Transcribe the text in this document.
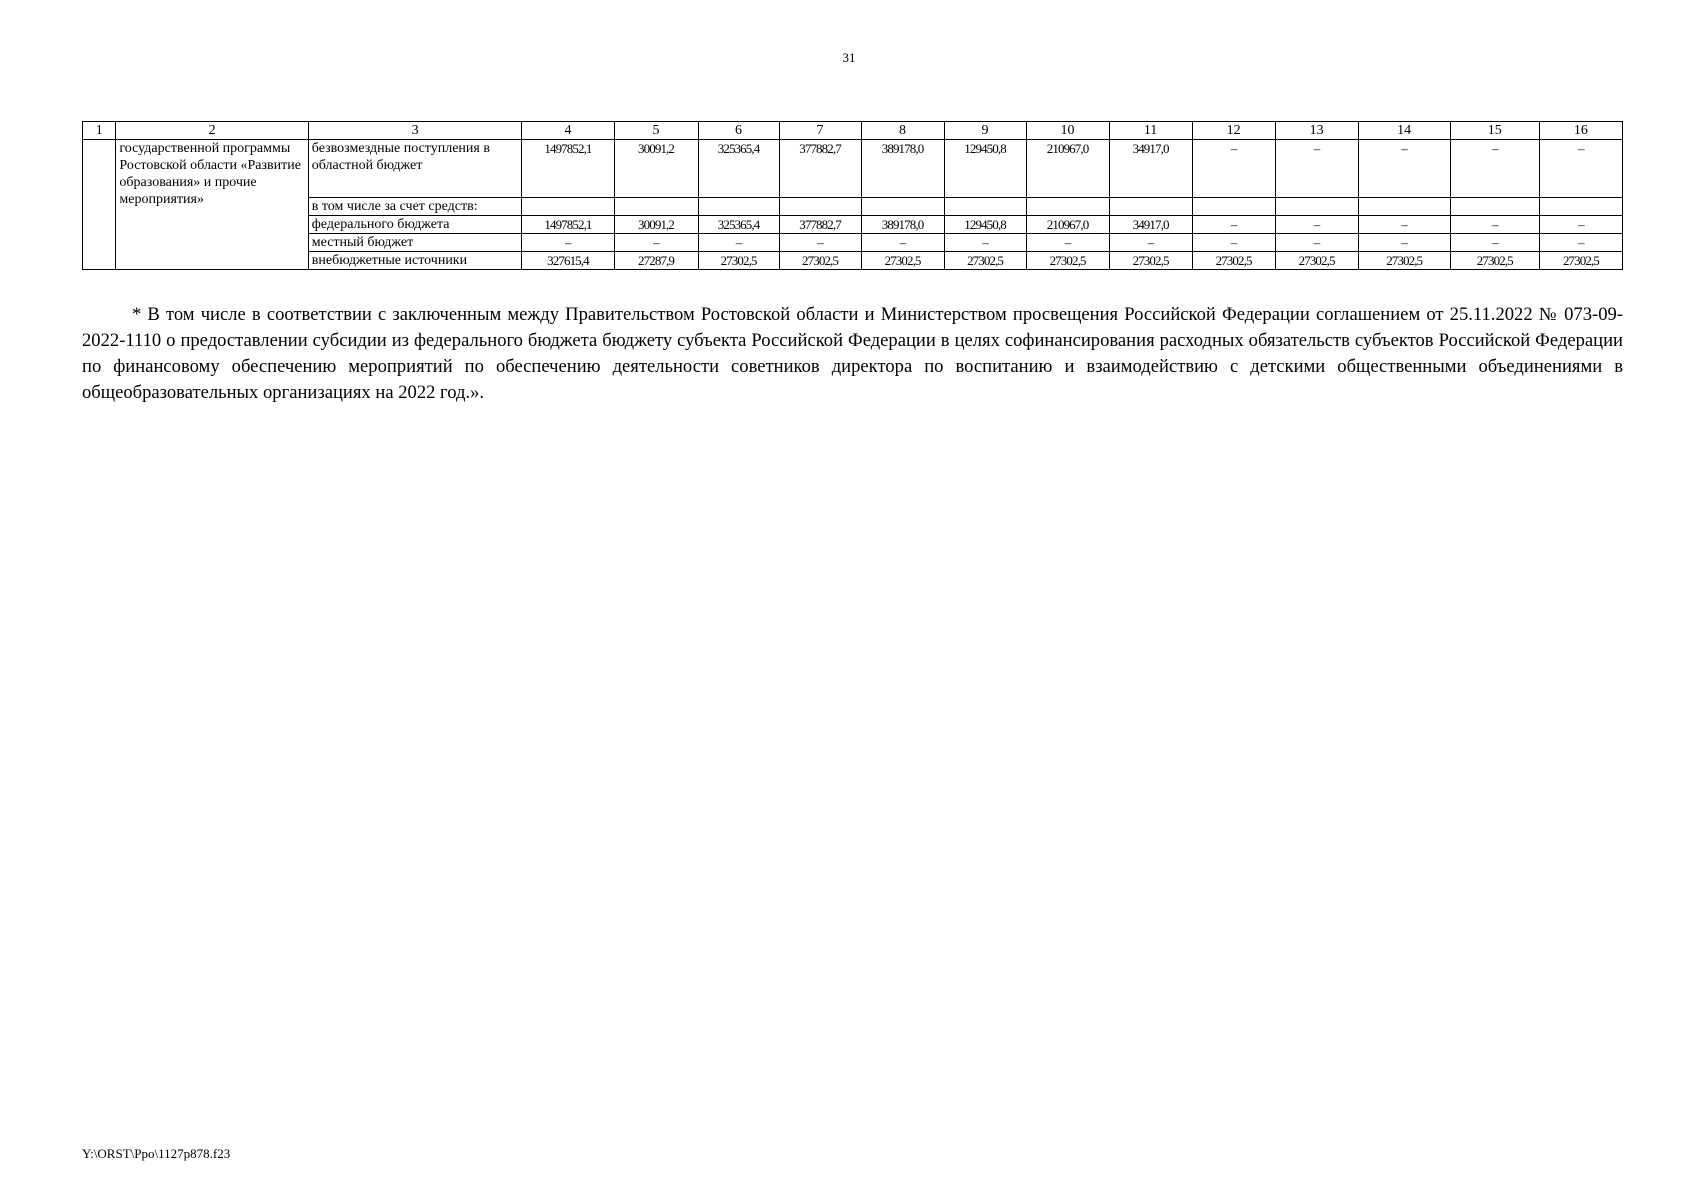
31
1	2	3	4	5	6	7	8	9	10	11	12	13	14	15	16
	государственной программы Ростовской области «Развитие образования» и прочие мероприятия»	безвозмездные поступления в областной бюджет	1497852,1	30091,2	325365,4	377882,7	389178,0	129450,8	210967,0	34917,0	–	–	–	–	–
		в том числе за счет средств:													
		федерального бюджета	1497852,1	30091,2	325365,4	377882,7	389178,0	129450,8	210967,0	34917,0	–	–	–	–	–
		местный бюджет	–	–	–	–	–	–	–	–	–	–	–	–	–
		внебюджетные источники	327615,4	27287,9	27302,5	27302,5	27302,5	27302,5	27302,5	27302,5	27302,5	27302,5	27302,5	27302,5	27302,5

* В том числе в соответствии с заключенным между Правительством Ростовской области и Министерством просвещения Российской Федерации соглашением от 25.11.2022 № 073-09-2022-1110 о предоставлении субсидии из федерального бюджета бюджету субъекта Российской Федерации в целях софинансирования расходных обязательств субъектов Российской Федерации по финансовому обеспечению мероприятий по обеспечению деятельности советников директора по воспитанию и взаимодействию с детскими общественными объединениями в общеобразовательных организациях на 2022 год.».

Y:\ORST\Ppo\1127p878.f23
